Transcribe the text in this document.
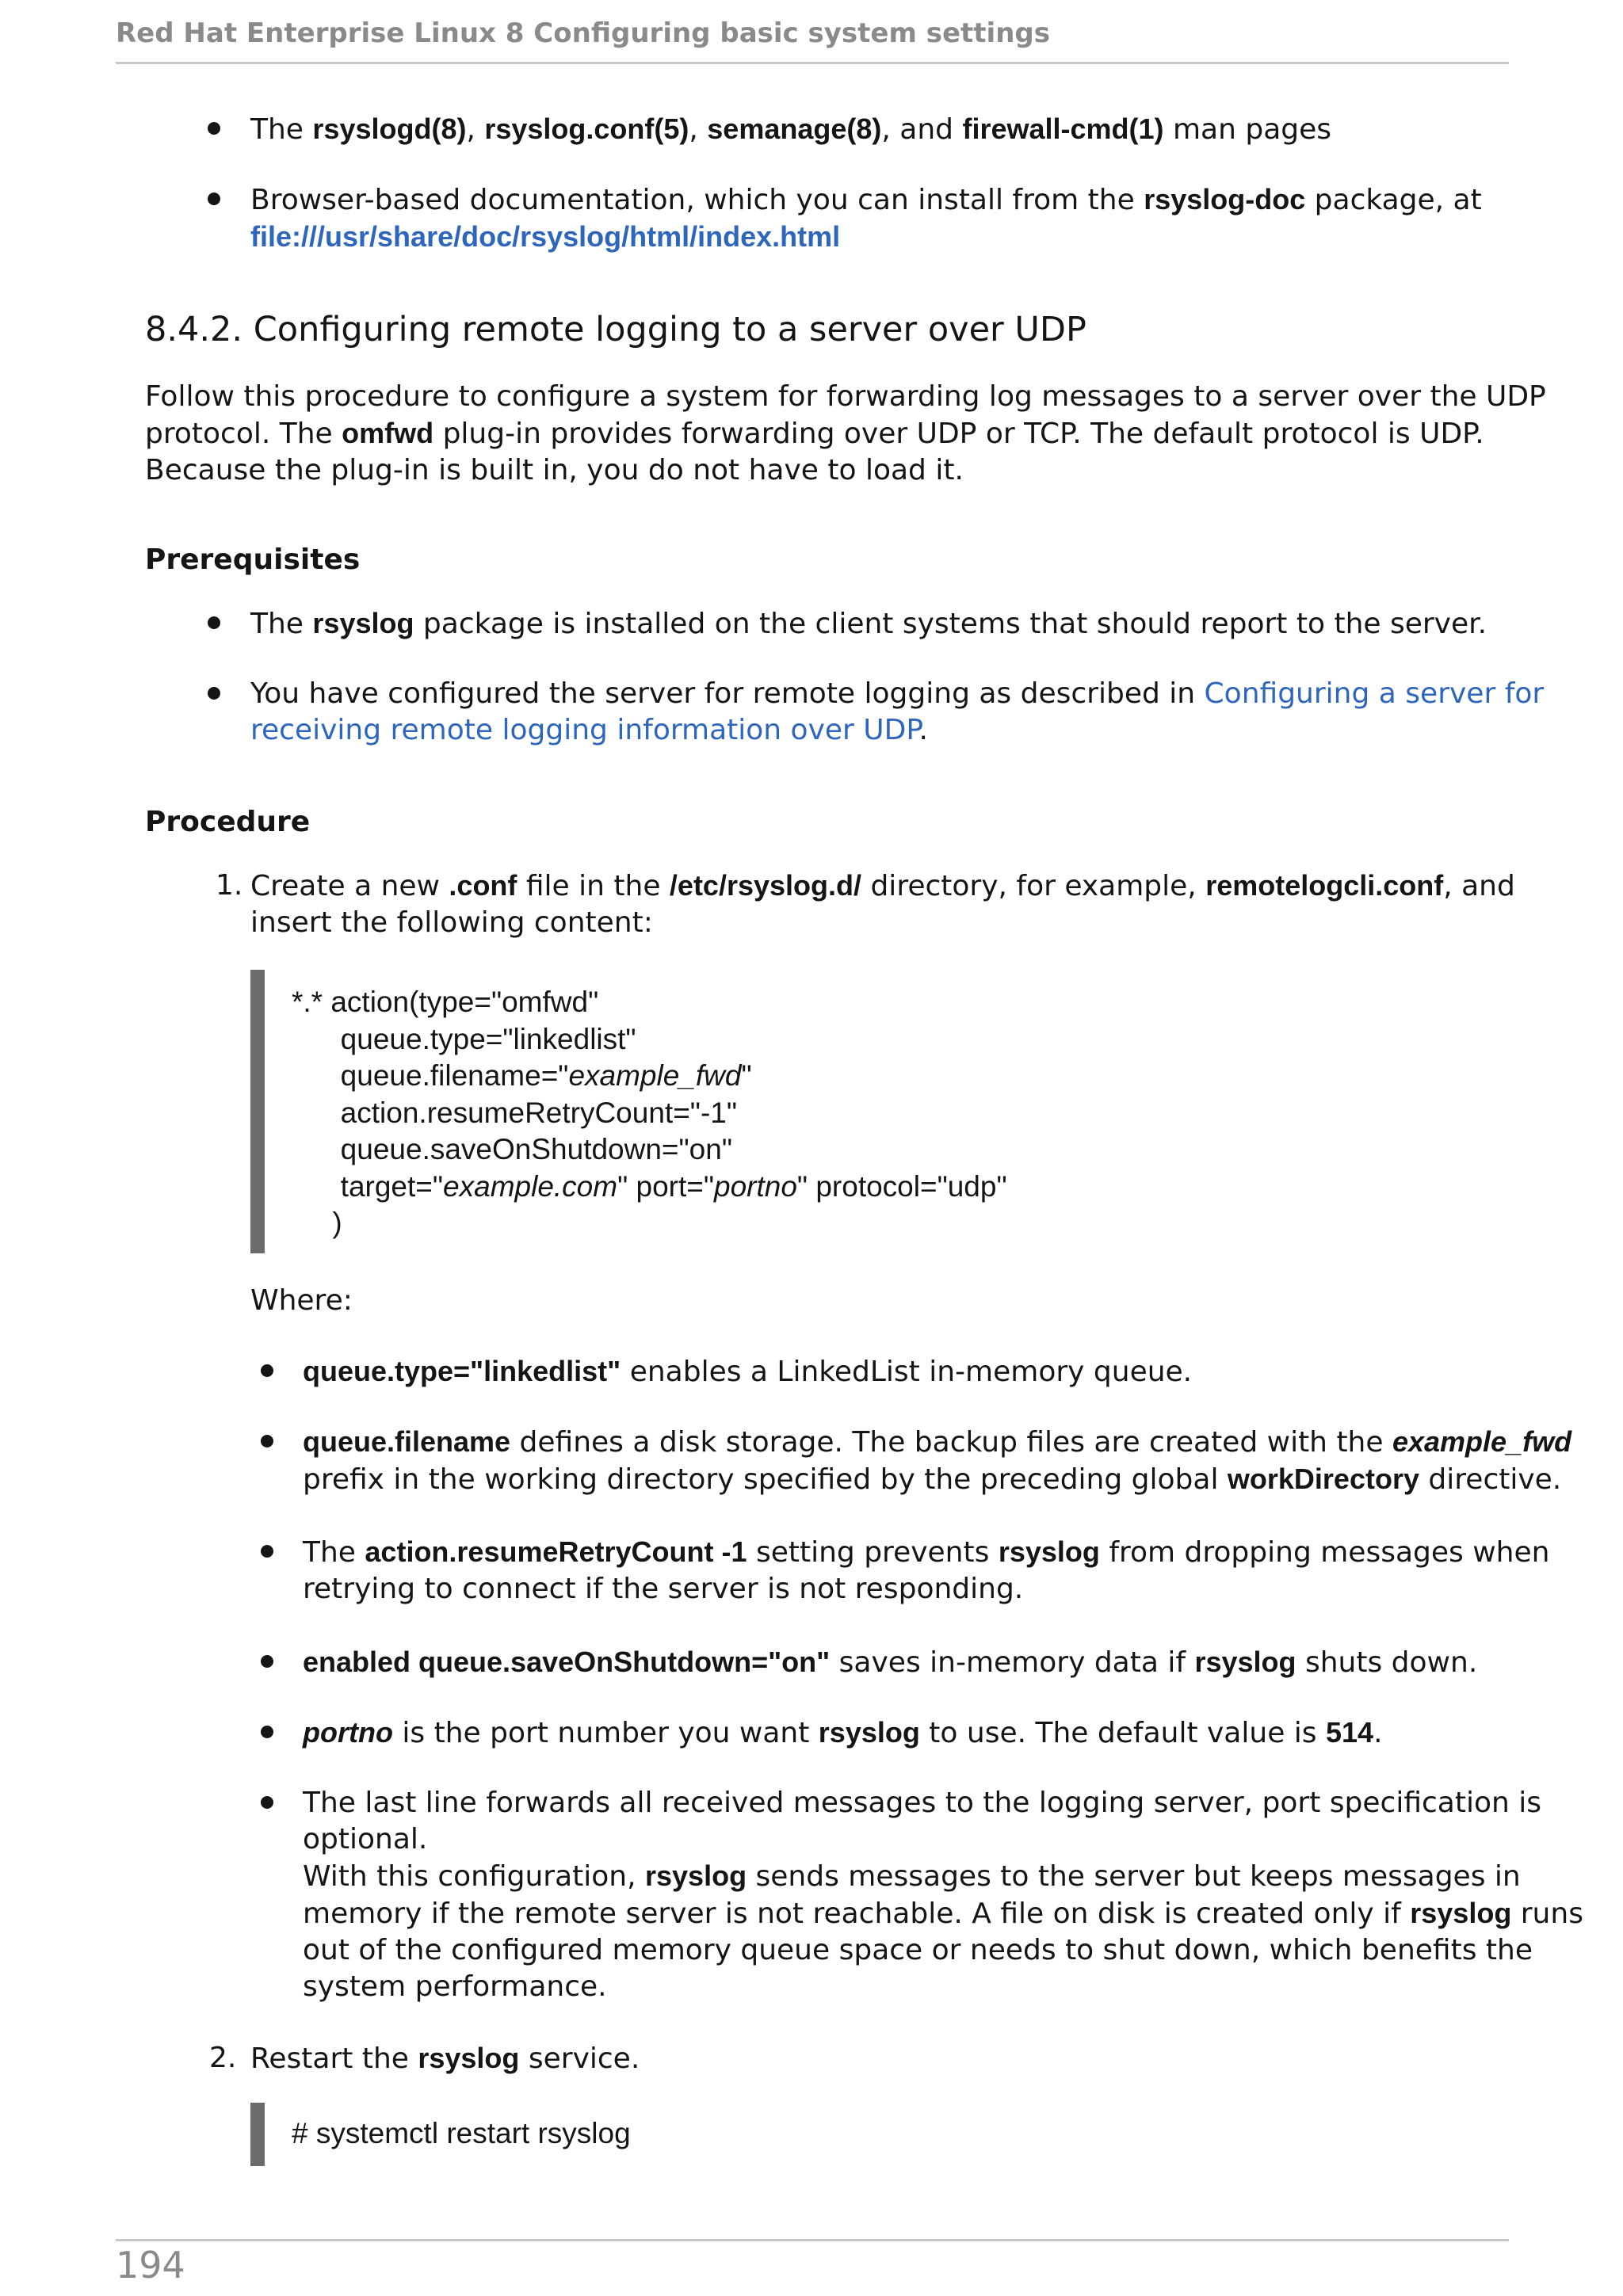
Red Hat Enterprise Linux 8 Configuring basic system settings
The rsyslogd(8), rsyslog.conf(5), semanage(8), and firewall-cmd(1) man pages
Browser-based documentation, which you can install from the rsyslog-doc package, at
file:///usr/share/doc/rsyslog/html/index.html
8.4.2. Configuring remote logging to a server over UDP
Follow this procedure to configure a system for forwarding log messages to a server over the UDP
protocol. The omfwd plug-in provides forwarding over UDP or TCP. The default protocol is UDP.
Because the plug-in is built in, you do not have to load it.
Prerequisites
The rsyslog package is installed on the client systems that should report to the server.
You have configured the server for remote logging as described in Configuring a server for
receiving remote logging information over UDP.
Procedure
1. Create a new .conf file in the /etc/rsyslog.d/ directory, for example, remotelogcli.conf, and
insert the following content:
*.* action(type="omfwd"
queue.type="linkedlist"
queue.filename="example_fwd"
action.resumeRetryCount="-1"
queue.saveOnShutdown="on"
target="example.com" port="portno" protocol="udp"
)
Where:
queue.type="linkedlist" enables a LinkedList in-memory queue.
queue.filename defines a disk storage. The backup files are created with the example_fwd
prefix in the working directory specified by the preceding global workDirectory directive.
The action.resumeRetryCount -1 setting prevents rsyslog from dropping messages when
retrying to connect if the server is not responding.
enabled queue.saveOnShutdown="on" saves in-memory data if rsyslog shuts down.
portno is the port number you want rsyslog to use. The default value is 514.
The last line forwards all received messages to the logging server, port specification is
optional.
With this configuration, rsyslog sends messages to the server but keeps messages in
memory if the remote server is not reachable. A file on disk is created only if rsyslog runs
out of the configured memory queue space or needs to shut down, which benefits the
system performance.
2. Restart the rsyslog service.
# systemctl restart rsyslog
194
